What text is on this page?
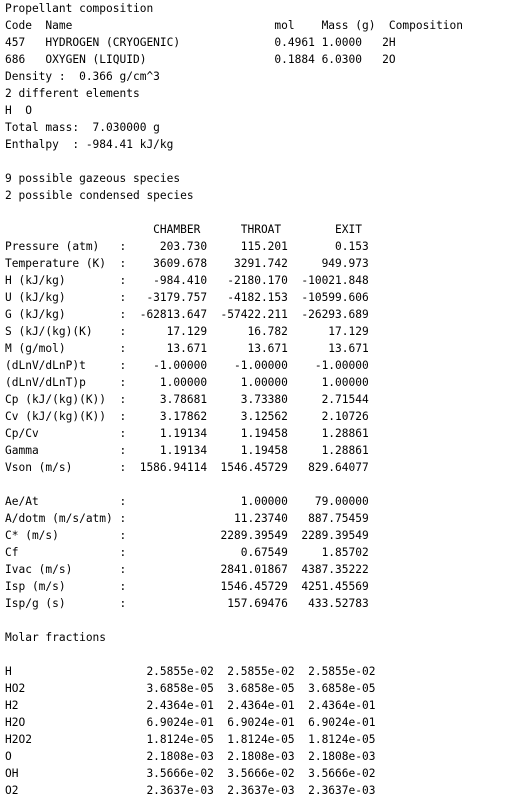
Propellant composition
Code  Name                              mol    Mass (g)  Composition
457   HYDROGEN (CRYOGENIC)              0.4961 1.0000   2H
686   OXYGEN (LIQUID)                   0.1884 6.0300   2O
Density :  0.366 g/cm^3
2 different elements
H  O
Total mass:  7.030000 g
Enthalpy  : -984.41 kJ/kg
9 possible gazeous species
2 possible condensed species
CHAMBER      THROAT        EXIT
Pressure (atm)   :     203.730     115.201       0.153
Temperature (K)  :    3609.678    3291.742     949.973
H (kJ/kg)        :    -984.410   -2180.170  -10021.848
U (kJ/kg)        :   -3179.757   -4182.153  -10599.606
G (kJ/kg)        :  -62813.647  -57422.211  -26293.689
S (kJ/(kg)(K)    :      17.129      16.782      17.129
M (g/mol)        :      13.671      13.671      13.671
(dLnV/dLnP)t     :    -1.00000    -1.00000    -1.00000
(dLnV/dLnT)p     :     1.00000     1.00000     1.00000
Cp (kJ/(kg)(K))  :     3.78681     3.73380     2.71544
Cv (kJ/(kg)(K))  :     3.17862     3.12562     2.10726
Cp/Cv            :     1.19134     1.19458     1.28861
Gamma            :     1.19134     1.19458     1.28861
Vson (m/s)       :  1586.94114  1546.45729   829.64077
Ae/At            :                 1.00000    79.00000
A/dotm (m/s/atm) :                11.23740   887.75459
C* (m/s)         :              2289.39549  2289.39549
Cf               :                 0.67549     1.85702
Ivac (m/s)       :              2841.01867  4387.35222
Isp (m/s)        :              1546.45729  4251.45569
Isp/g (s)        :               157.69476   433.52783
Molar fractions
H                    2.5855e-02  2.5855e-02  2.5855e-02
HO2                  3.6858e-05  3.6858e-05  3.6858e-05
H2                   2.4364e-01  2.4364e-01  2.4364e-01
H2O                  6.9024e-01  6.9024e-01  6.9024e-01
H2O2                 1.8124e-05  1.8124e-05  1.8124e-05
O                    2.1808e-03  2.1808e-03  2.1808e-03
OH                   3.5666e-02  3.5666e-02  3.5666e-02
O2                   2.3637e-03  2.3637e-03  2.3637e-03
